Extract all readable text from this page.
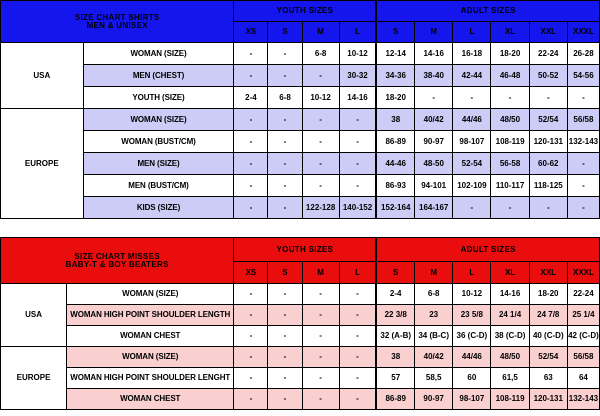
SIZE CHART SHIRTS
MEN & UNISEX		YOUTH SIZES				ADULT SIZES					
		XS	S	M	L	S	M	L	XL	XXL	XXXL
USA	WOMAN (SIZE)	-	-	6-8	10-12	12-14	14-16	16-18	18-20	22-24	26-28
	MEN (CHEST)	-	-	-	30-32	34-36	38-40	42-44	46-48	50-52	54-56
	YOUTH (SIZE)	2-4	6-8	10-12	14-16	18-20	-	-	-	-	-
EUROPE	WOMAN (SIZE)	-	-	-	-	38	40/42	44/46	48/50	52/54	56/58
	WOMAN (BUST/CM)	-	-	-	-	86-89	90-97	98-107	108-119	120-131	132-143
	MEN (SIZE)	-	-	-	-	44-46	48-50	52-54	56-58	60-62	-
	MEN (BUST/CM)	-	-	-	-	86-93	94-101	102-109	110-117	118-125	-
	KIDS (SIZE)	-	-	122-128	140-152	152-164	164-167	-	-	-	-
SIZE CHART MISSES
BABY-T & BOY BEATERS		YOUTH SIZES				ADULT SIZES					
		XS	S	M	L	S	M	L	XL	XXL	XXXL
USA	WOMAN (SIZE)	-	-	-	-	2-4	6-8	10-12	14-16	18-20	22-24
	WOMAN HIGH POINT SHOULDER LENGTH	-	-	-	-	22 3/8	23	23 5/8	24 1/4	24 7/8	25 1/4
	WOMAN CHEST	-	-	-	-	32 (A-B)	34 (B-C)	36 (C-D)	38 (C-D)	40 (C-D)	42 (C-D)
EUROPE	WOMAN (SIZE)	-	-	-	-	38	40/42	44/46	48/50	52/54	56/58
	WOMAN HIGH POINT SHOULDER LENGHT	-	-	-	-	57	58,5	60	61,5	63	64
	WOMAN CHEST	-	-	-	-	86-89	90-97	98-107	108-119	120-131	132-143
